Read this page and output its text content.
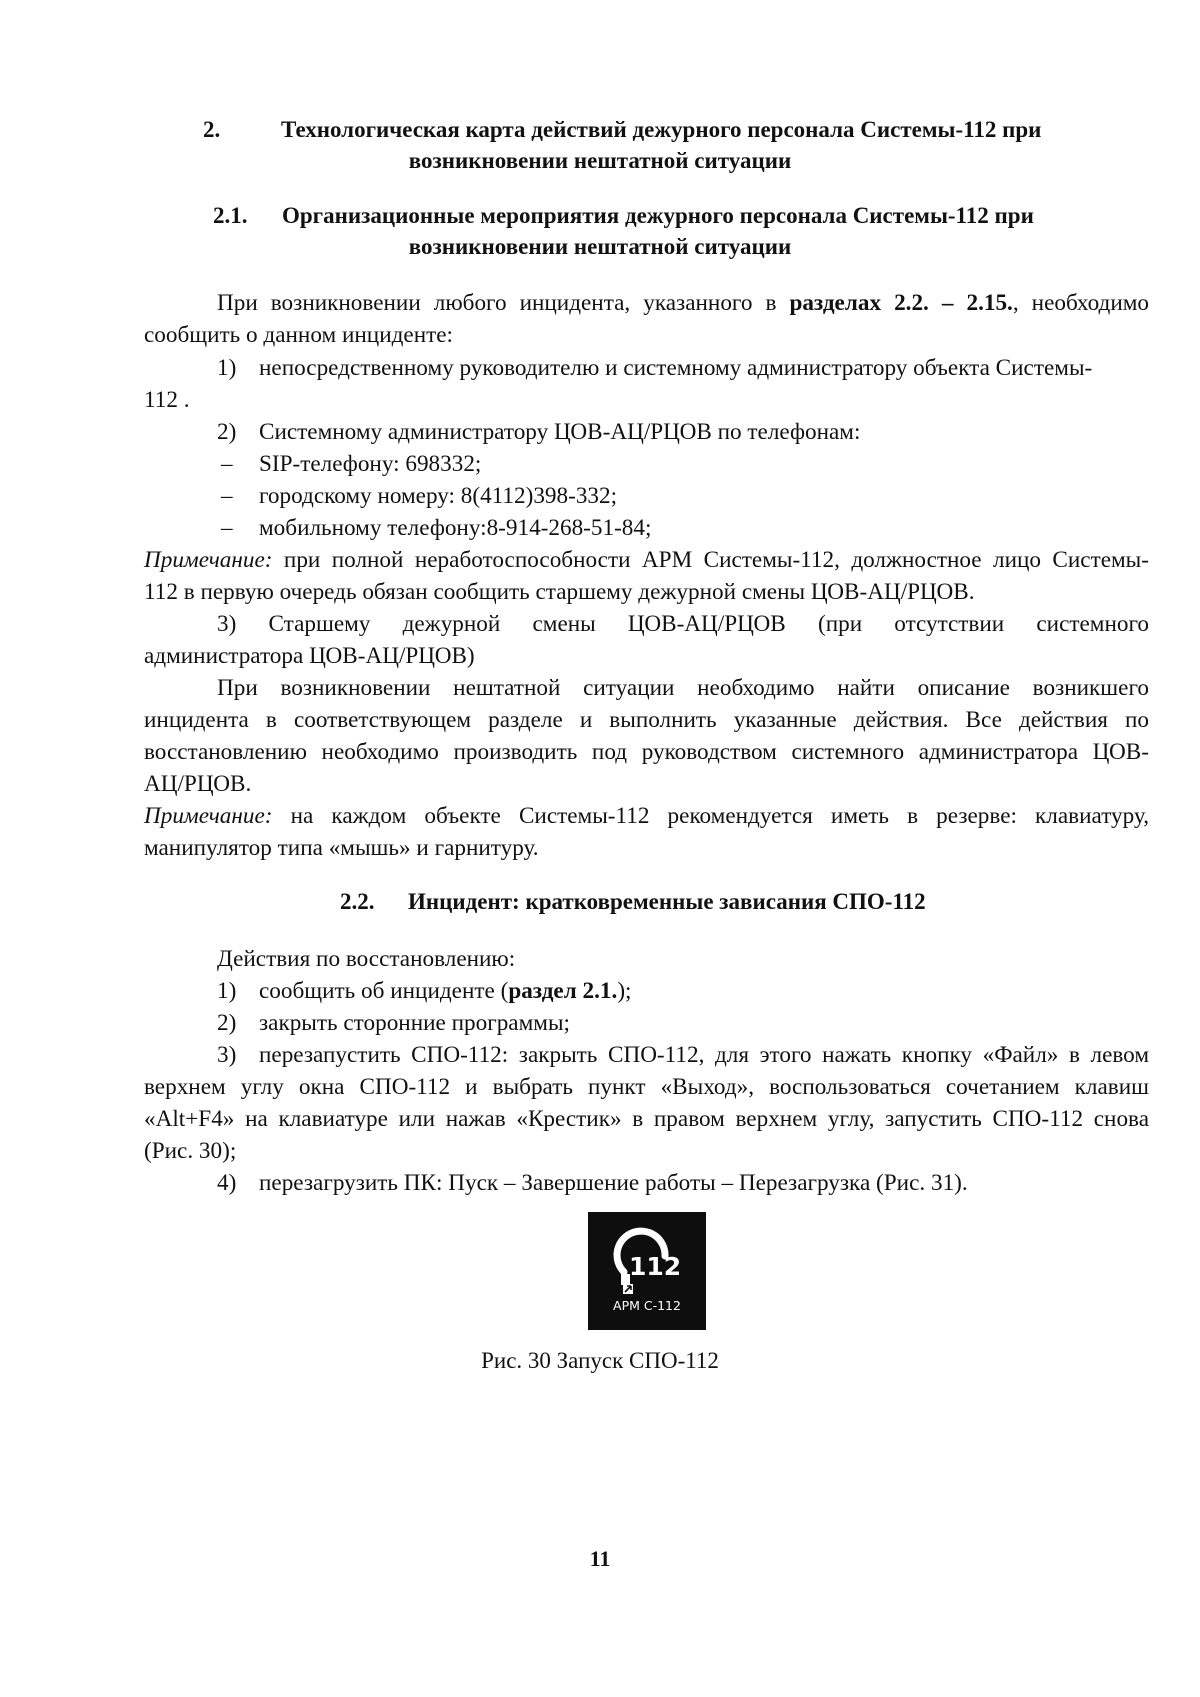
2.	Технологическая карта действий дежурного персонала Системы-112 при
возникновении нештатной ситуации
2.1. Организационные мероприятия дежурного персонала Системы-112 при
возникновении нештатной ситуации
При возникновении любого инцидента, указанного в разделах 2.2. – 2.15., необходимо
сообщить о данном инциденте:
1) непосредственному руководителю и системному администратору объекта Системы-
112 .
2) Системному администратору ЦОВ-АЦ/РЦОВ по телефонам:
– SIP-телефону: 698332;
– городскому номеру: 8(4112)398-332;
– мобильному телефону:8-914-268-51-84;
Примечание: при полной неработоспособности АРМ Системы-112, должностное лицо Системы-
112 в первую очередь обязан сообщить старшему дежурной смены ЦОВ-АЦ/РЦОВ.
3) Старшему дежурной смены ЦОВ-АЦ/РЦОВ (при отсутствии системного
администратора ЦОВ-АЦ/РЦОВ)
При возникновении нештатной ситуации необходимо найти описание возникшего
инцидента в соответствующем разделе и выполнить указанные действия. Все действия по
восстановлению необходимо производить под руководством системного администратора ЦОВ-
АЦ/РЦОВ.
Примечание: на каждом объекте Системы-112 рекомендуется иметь в резерве: клавиатуру,
манипулятор типа «мышь» и гарнитуру.
2.2. Инцидент: кратковременные зависания СПО-112
Действия по восстановлению:
1) сообщить об инциденте (раздел 2.1.);
2) закрыть сторонние программы;
3) перезапустить СПО-112: закрыть СПО-112, для этого нажать кнопку «Файл» в левом
верхнем углу окна СПО-112 и выбрать пункт «Выход», воспользоваться сочетанием клавиш
«Alt+F4» на клавиатуре или нажав «Крестик» в правом верхнем углу, запустить СПО-112 снова
(Рис. 30);
4) перезагрузить ПК: Пуск – Завершение работы – Перезагрузка (Рис. 31).
112
АРМ С-112
Рис. 30 Запуск СПО-112
11
